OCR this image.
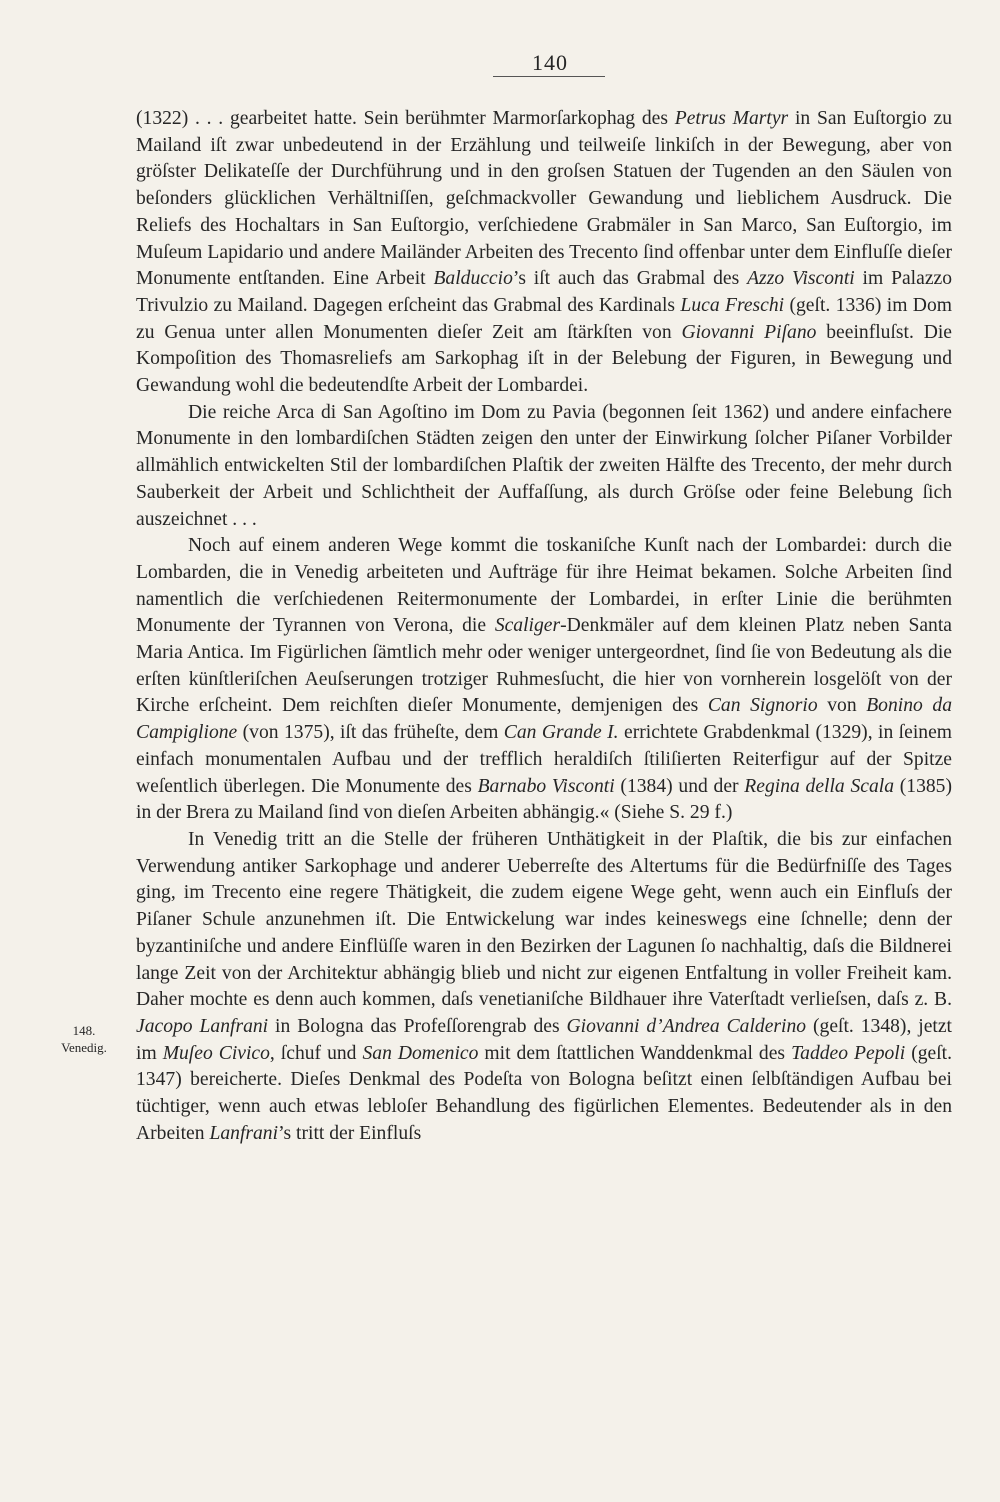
140
148.
Venedig.

(1322) . . . gearbeitet hatte. Sein berühmter Marmorſarkophag des Petrus Martyr in San Euſtorgio zu Mailand iſt zwar unbedeutend in der Erzählung und teilweiſe linkiſch in der Bewegung, aber von gröſster Delikateſſe der Durchführung und in den groſsen Statuen der Tugenden an den Säulen von beſonders glücklichen Verhältniſſen, geſchmackvoller Gewandung und lieblichem Ausdruck. Die Reliefs des Hochaltars in San Euſtorgio, verſchiedene Grabmäler in San Marco, San Euſtorgio, im Muſeum Lapidario und andere Mailänder Arbeiten des Trecento ſind offenbar unter dem Einfluſſe dieſer Monumente entſtanden. Eine Arbeit Balduccio’s iſt auch das Grabmal des Azzo Visconti im Palazzo Trivulzio zu Mailand. Dagegen erſcheint das Grabmal des Kardinals Luca Freschi (geſt. 1336) im Dom zu Genua unter allen Monumenten dieſer Zeit am ſtärkſten von Giovanni Piſano beeinfluſst. Die Kompoſition des Thomasreliefs am Sarkophag iſt in der Belebung der Figuren, in Bewegung und Gewandung wohl die bedeutendſte Arbeit der Lombardei.

Die reiche Arca di San Agoſtino im Dom zu Pavia (begonnen ſeit 1362) und andere einfachere Monumente in den lombardiſchen Städten zeigen den unter der Einwirkung ſolcher Piſaner Vorbilder allmählich entwickelten Stil der lombardiſchen Plaſtik der zweiten Hälfte des Trecento, der mehr durch Sauberkeit der Arbeit und Schlichtheit der Auffaſſung, als durch Gröſse oder feine Belebung ſich auszeichnet . . .

Noch auf einem anderen Wege kommt die toskaniſche Kunſt nach der Lombardei: durch die Lombarden, die in Venedig arbeiteten und Aufträge für ihre Heimat bekamen. Solche Arbeiten ſind namentlich die verſchiedenen Reitermonumente der Lombardei, in erſter Linie die berühmten Monumente der Tyrannen von Verona, die Scaliger-Denkmäler auf dem kleinen Platz neben Santa Maria Antica. Im Figürlichen ſämtlich mehr oder weniger untergeordnet, ſind ſie von Bedeutung als die erſten künſtleriſchen Aeuſserungen trotziger Ruhmesſucht, die hier von vornherein losgelöſt von der Kirche erſcheint. Dem reichſten dieſer Monumente, demjenigen des Can Signorio von Bonino da Campiglione (von 1375), iſt das früheſte, dem Can Grande I. errichtete Grabdenkmal (1329), in ſeinem einfach monumentalen Aufbau und der trefflich heraldiſch ſtiliſierten Reiterfigur auf der Spitze weſentlich überlegen. Die Monumente des Barnabo Visconti (1384) und der Regina della Scala (1385) in der Brera zu Mailand ſind von dieſen Arbeiten abhängig.« (Siehe S. 29 f.)

In Venedig tritt an die Stelle der früheren Unthätigkeit in der Plaſtik, die bis zur einfachen Verwendung antiker Sarkophage und anderer Ueberreſte des Altertums für die Bedürfniſſe des Tages ging, im Trecento eine regere Thätigkeit, die zudem eigene Wege geht, wenn auch ein Einfluſs der Piſaner Schule anzunehmen iſt. Die Entwickelung war indes keineswegs eine ſchnelle; denn der byzantiniſche und andere Einflüſſe waren in den Bezirken der Lagunen ſo nachhaltig, daſs die Bildnerei lange Zeit von der Architektur abhängig blieb und nicht zur eigenen Entfaltung in voller Freiheit kam. Daher mochte es denn auch kommen, daſs venetianiſche Bildhauer ihre Vaterſtadt verlieſsen, daſs z. B. Jacopo Lanfrani in Bologna das Profeſſorengrab des Giovanni d’Andrea Calderino (geſt. 1348), jetzt im Muſeo Civico, ſchuf und San Domenico mit dem ſtattlichen Wanddenkmal des Taddeo Pepoli (geſt. 1347) bereicherte. Dieſes Denkmal des Podeſta von Bologna beſitzt einen ſelbſtändigen Aufbau bei tüchtiger, wenn auch etwas lebloſer Behandlung des figürlichen Elementes. Bedeutender als in den Arbeiten Lanfrani’s tritt der Einfluſs
